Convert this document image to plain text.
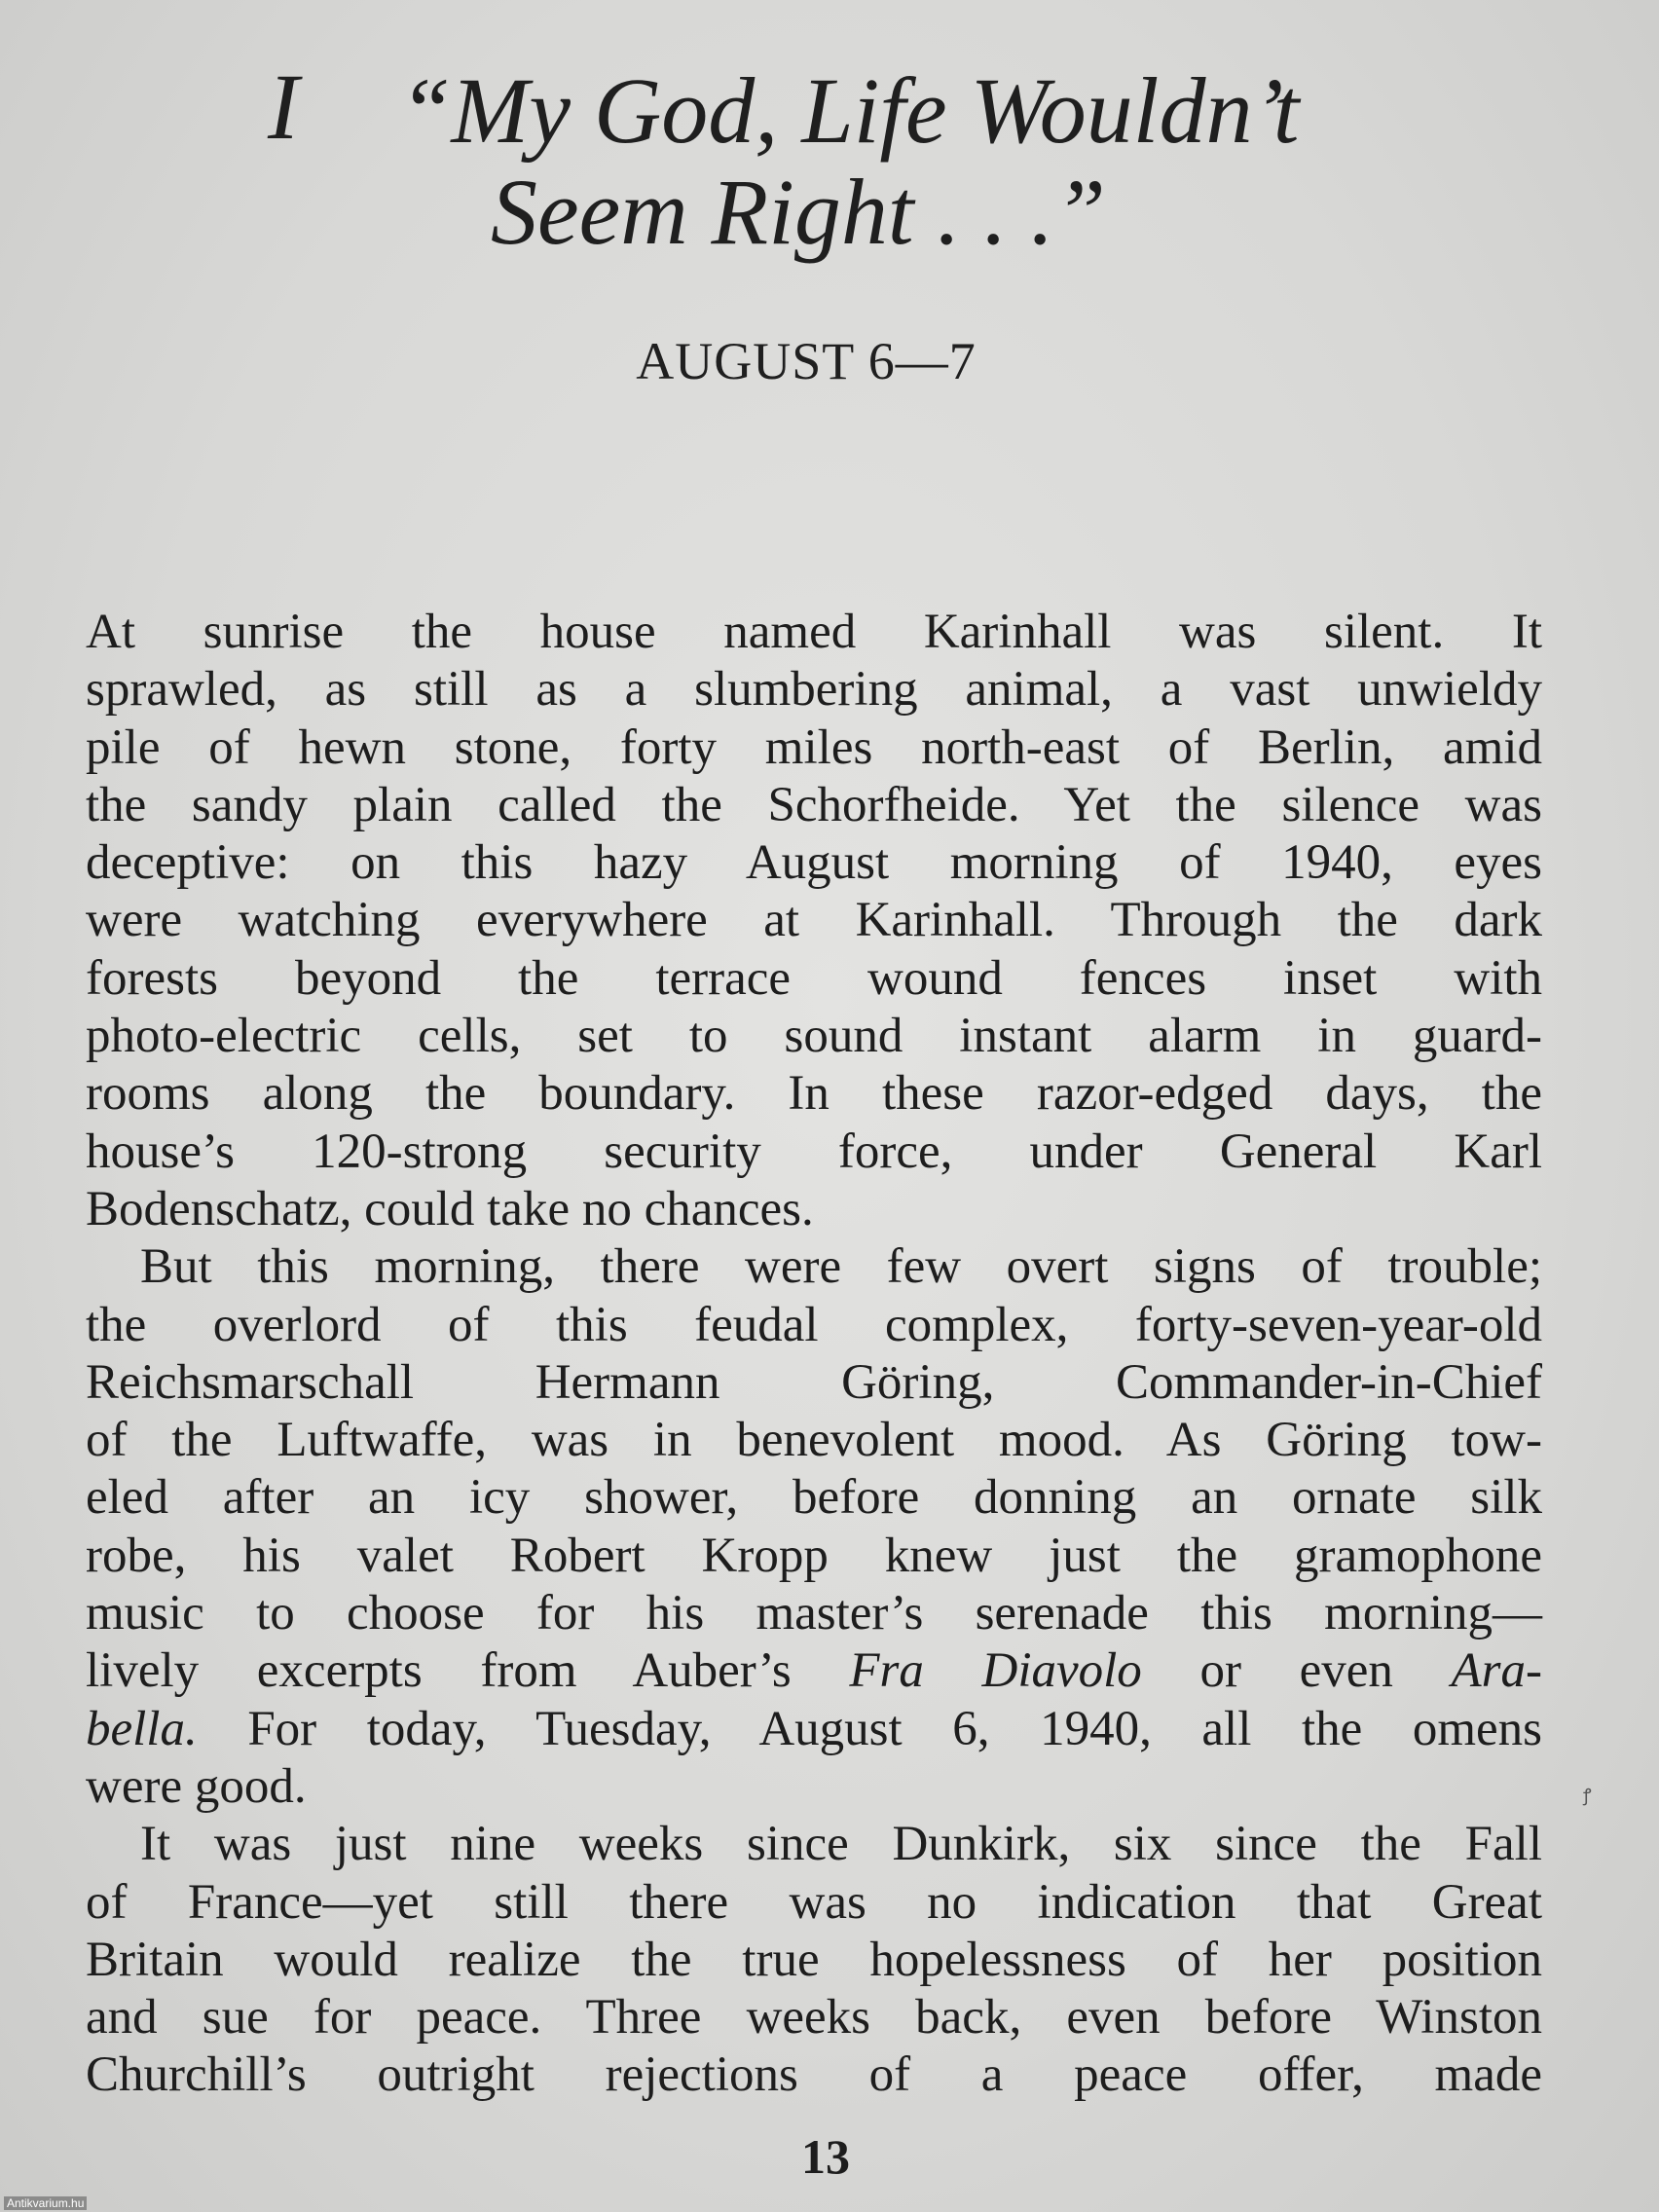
I “My God, Life Wouldn’t
Seem Right . . .”
AUGUST 6—7
At sunrise the house named Karinhall was silent. It
sprawled, as still as a slumbering animal, a vast unwieldy
pile of hewn stone, forty miles north-east of Berlin, amid
the sandy plain called the Schorfheide. Yet the silence was
deceptive: on this hazy August morning of 1940, eyes
were watching everywhere at Karinhall. Through the dark
forests beyond the terrace wound fences inset with
photo-electric cells, set to sound instant alarm in guard-
rooms along the boundary. In these razor-edged days, the
house’s 120-strong security force, under General Karl
Bodenschatz, could take no chances.
But this morning, there were few overt signs of trouble;
the overlord of this feudal complex, forty-seven-year-old
Reichsmarschall Hermann Göring, Commander-in-Chief
of the Luftwaffe, was in benevolent mood. As Göring tow-
eled after an icy shower, before donning an ornate silk
robe, his valet Robert Kropp knew just the gramophone
music to choose for his master’s serenade this morning—
lively excerpts from Auber’s Fra Diavolo or even Ara-
bella. For today, Tuesday, August 6, 1940, all the omens
were good.
It was just nine weeks since Dunkirk, six since the Fall
of France—yet still there was no indication that Great
Britain would realize the true hopelessness of her position
and sue for peace. Three weeks back, even before Winston
Churchill’s outright rejections of a peace offer, made
13
ꝭ
Antikvarium.hu
